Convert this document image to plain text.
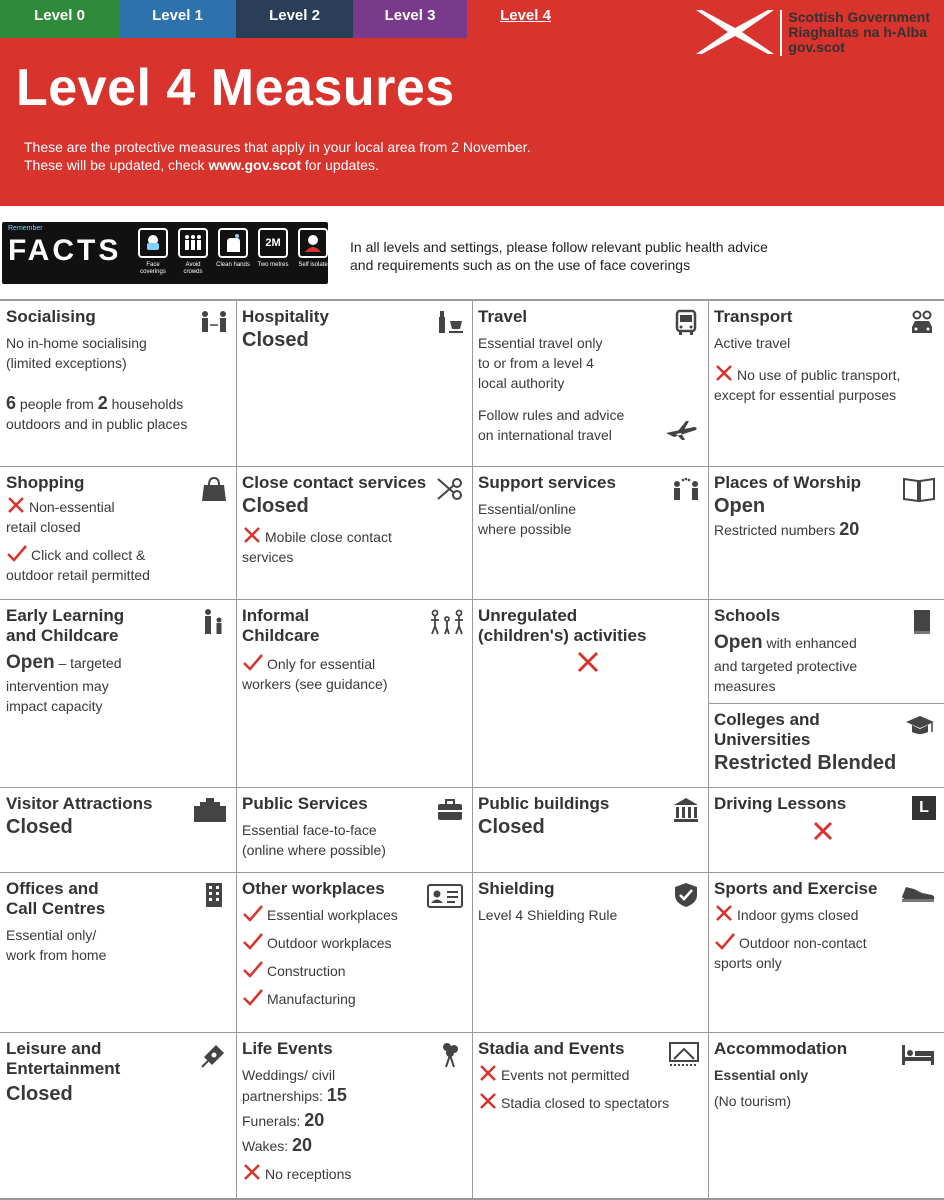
Level 0	Level 1	Level 2	Level 3	Level 4
Level 4 Measures
These are the protective measures that apply in your local area from 2 November.
These will be updated, check www.gov.scot for updates.
Scottish Government
Riaghaltas na h-Alba
gov.scot
Remember
FACTS	2M
Face coverings
Avoid crowds
Clean hands Two metres	Self isolate
In all levels and settings, please follow relevant public health advice
and requirements such as on the use of face coverings
Socialising

No in-home socialising

(limited exceptions)

6 people from 2 households

outdoors and in public places

Hospitality
Closed
Travel

Essential travel only

to or from a level 4

local authority

Follow rules and advice

on international travel

Transport

Active travel

No use of public transport,

except for essential purposes

Shopping

Non-essential

retail closed

Click and collect &

outdoor retail permitted

Close contact services
Closed

Mobile close contact

services

Support services

Essential/online

where possible

Places of Worship
Open

Restricted numbers 20

Early Learning
and Childcare

Open – targeted

intervention may

impact capacity

Informal
Childcare

Only for essential

workers (see guidance)

Unregulated
(children's) activities
Schools

Open with enhanced

and targeted protective

measures

Colleges and
Universities
Restricted Blended
Visitor Attractions
Closed
Public Services

Essential face-to-face

(online where possible)

Public buildings
Closed
Driving Lessons	L
Offices and
Call Centres

Essential only/

work from home

Other workplaces

Essential workplaces

Outdoor workplaces

Construction

Manufacturing

Shielding

Level 4 Shielding Rule

Sports and Exercise

Indoor gyms closed

Outdoor non-contact

sports only

Leisure and
Entertainment
Closed
Life Events

Weddings/ civil

partnerships: 15

Funerals: 20

Wakes: 20

No receptions

Stadia and Events

Events not permitted

Stadia closed to spectators

Accommodation

Essential only

(No tourism)
